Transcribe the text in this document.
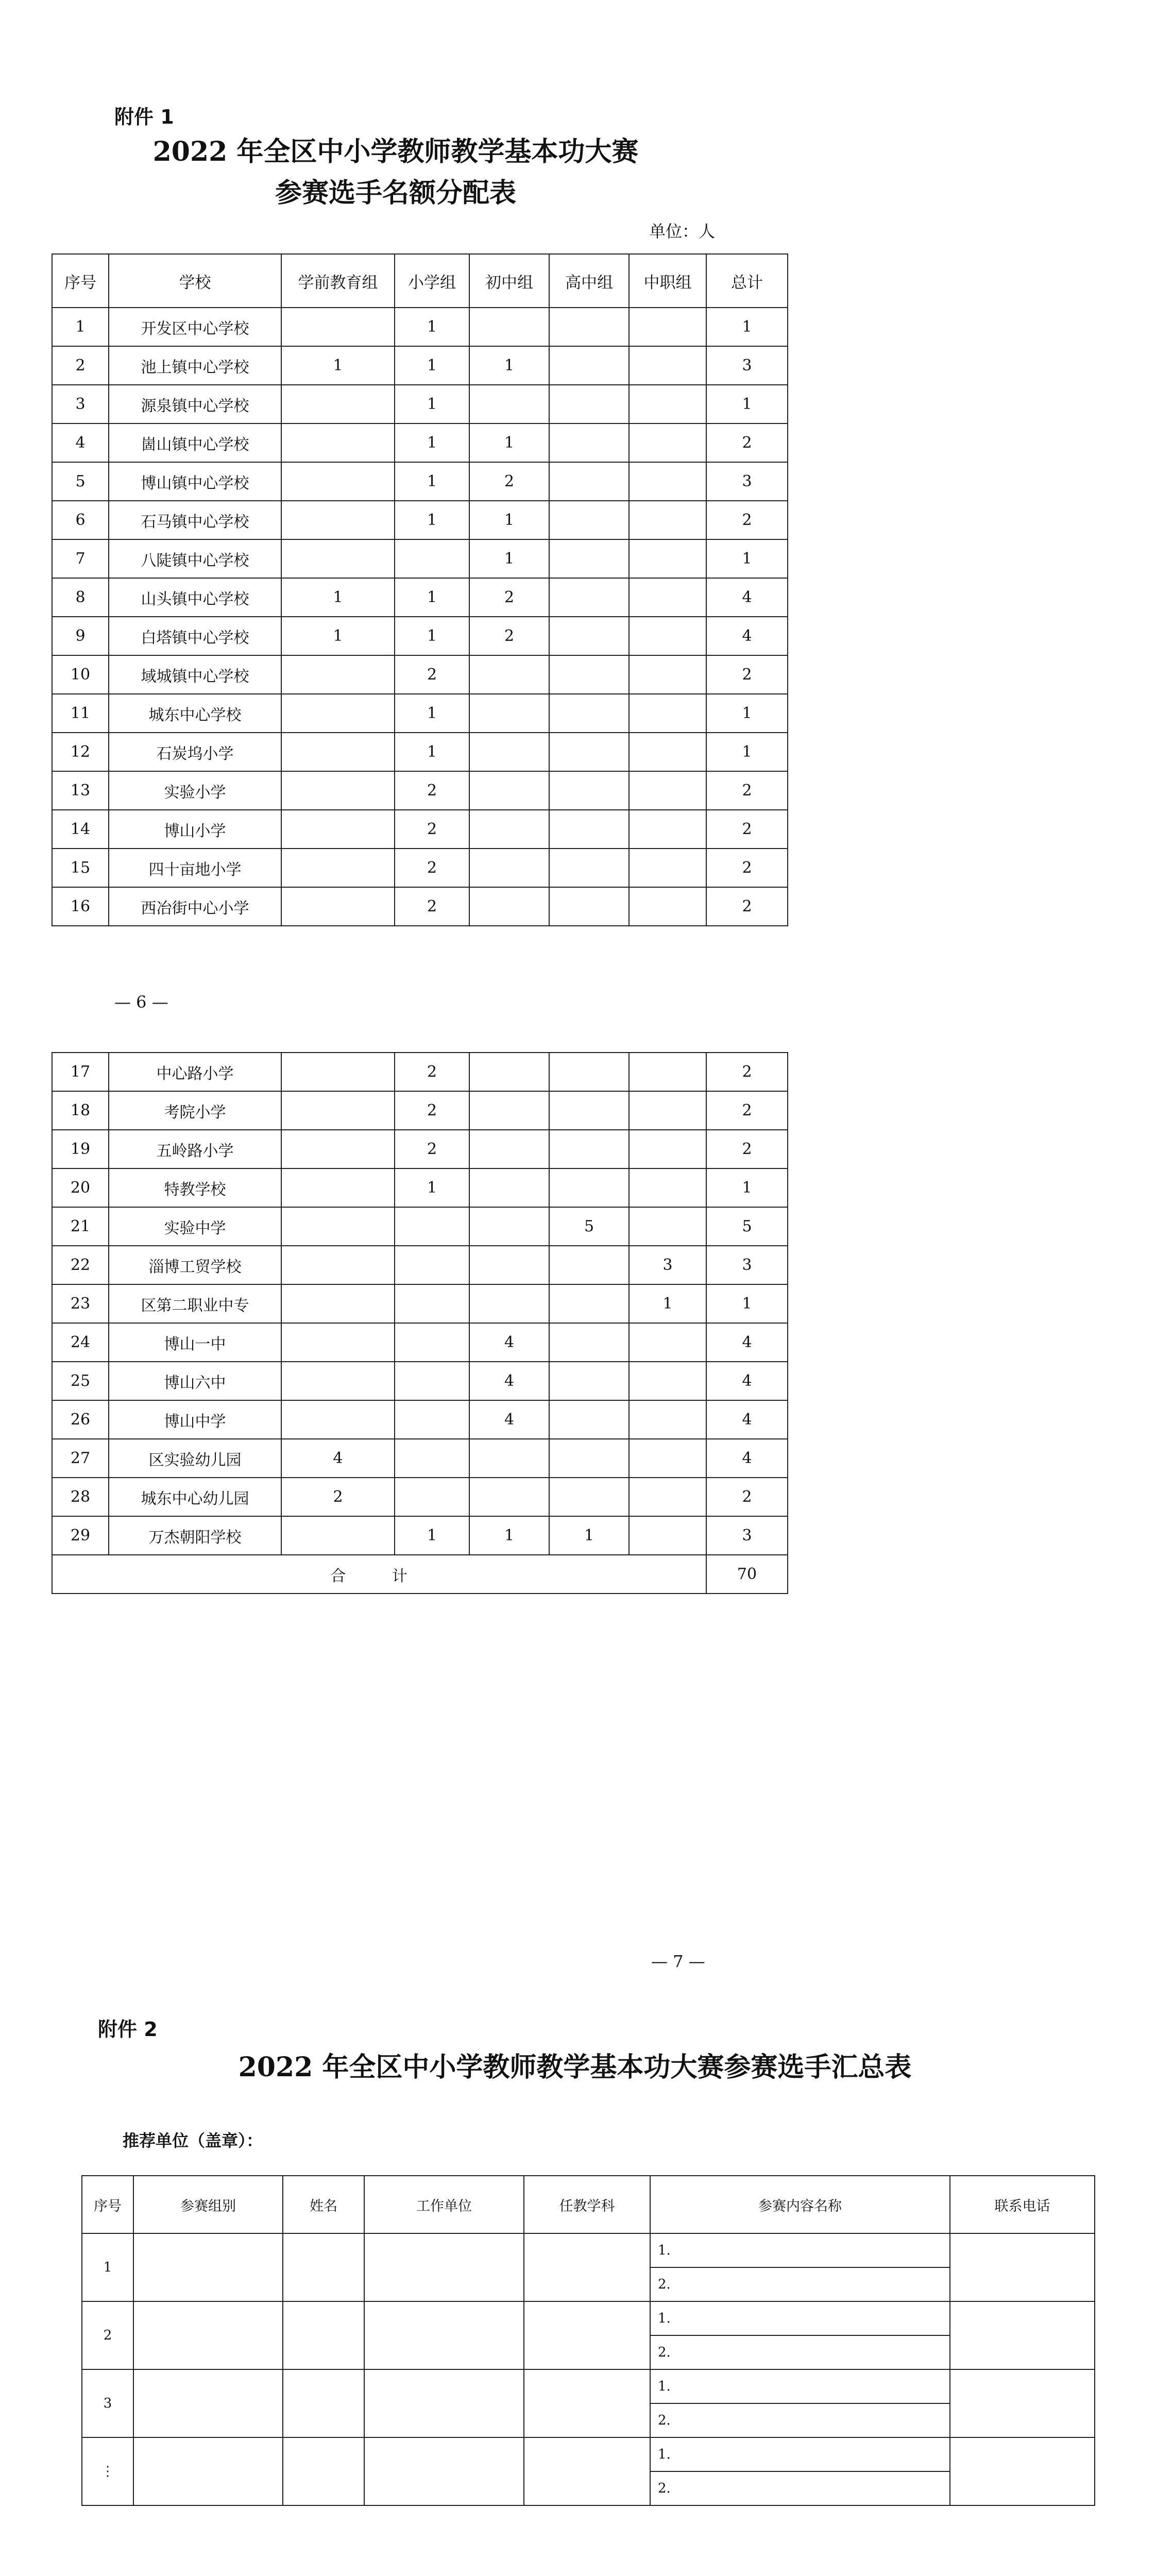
附件 1
2022 年全区中小学教师教学基本功大赛
参赛选手名额分配表
单位：人
序号	学校	学前教育组	小学组	初中组	高中组	中职组	总计
1	开发区中心学校		1				1
2	池上镇中心学校	1	1	1			3
3	源泉镇中心学校		1				1
4	崮山镇中心学校		1	1			2
5	博山镇中心学校		1	2			3
6	石马镇中心学校		1	1			2
7	八陡镇中心学校			1			1
8	山头镇中心学校	1	1	2			4
9	白塔镇中心学校	1	1	2			4
10	域城镇中心学校		2				2
11	城东中心学校		1				1
12	石炭坞小学		1				1
13	实验小学		2				2
14	博山小学		2				2
15	四十亩地小学		2				2
16	西冶街中心小学		2				2
— 6 —
17	中心路小学		2				2
18	考院小学		2				2
19	五岭路小学		2				2
20	特教学校		1				1
21	实验中学				5		5
22	淄博工贸学校					3	3
23	区第二职业中专					1	1
24	博山一中			4			4
25	博山六中			4			4
26	博山中学			4			4
27	区实验幼儿园	4					4
28	城东中心幼儿园	2					2
29	万杰朝阳学校		1	1	1		3
合 计							70
— 7 —
附件 2
2022 年全区中小学教师教学基本功大赛参赛选手汇总表
推荐单位（盖章）：
序号	参赛组别	姓名	工作单位	任教学科	参赛内容名称	联系电话
1					1.	
					2.	
2					1.	
					2.	
3					1.	
					2.	
⋮					1.	
					2.	
